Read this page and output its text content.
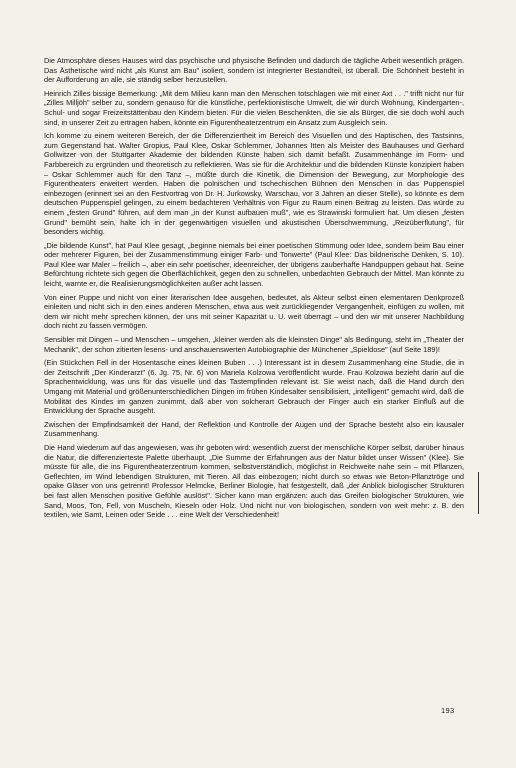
Die Atmosphäre dieses Hauses wird das psychische und physische Befinden und dadurch die tägliche Arbeit wesentlich prägen. Das Ästhetische wird nicht „als Kunst am Bau" isoliert, sondern ist integrierter Bestandteil, ist überall. Die Schönheit besteht in der Aufforderung an alle, sie ständig selber herzustellen.

Heinrich Zilles bissige Bemerkung: „Mit dem Milieu kann man den Menschen totschlagen wie mit einer Axt . . ." trifft nicht nur für „Zilles Milljöh" selber zu, sondern genauso für die künstliche, perfektionistische Umwelt, die wir durch Wohnung, Kindergarten-, Schul- und sogar Freizeitstättenbau den Kindern bieten. Für die vielen Beschenkten, die sie als Bürger, die sie doch wohl auch sind, in unserer Zeit zu ertragen haben, könnte ein Figurentheaterzentrum ein Ansatz zum Ausgleich sein.

Ich komme zu einem weiteren Bereich, der die Differenziertheit im Bereich des Visuellen und des Haptischen, des Tastsinns, zum Gegenstand hat. Walter Gropius, Paul Klee, Oskar Schlemmer, Johannes Itten als Meister des Bauhauses und Gerhard Gollwitzer von der Stuttgarter Akademie der bildenden Künste haben sich damit befaßt. Zusammenhänge im Form- und Farbbereich zu ergründen und theoretisch zu reflektieren. Was sie für die Architektur und die bildenden Künste konzipiert haben – Oskar Schlemmer auch für den Tanz –, müßte durch die Kinetik, die Dimension der Bewegung, zur Morphologie des Figurentheaters erweitert werden. Haben die polnischen und tschechischen Bühnen den Menschen in das Puppenspiel einbezogen (erinnert sei an den Festvortrag von Dr. H. Jurkowsky, Warschau, vor 3 Jahren an dieser Stelle), so könnte es dem deutschen Puppenspiel gelingen, zu einem bedachteren Verhältnis von Figur zu Raum einen Beitrag zu leisten. Das würde zu einem „festen Grund" führen, auf dem man „in der Kunst aufbauen muß", wie es Strawinski formuliert hat. Um diesen „festen Grund" bemüht sein, halte ich in der gegenwärtigen visuellen und akustischen Überschwemmung, „Reizüberflutung", für besonders wichtig.

„Die bildende Kunst", hat Paul Klee gesagt, „beginne niemals bei einer poetischen Stimmung oder Idee, sondern beim Bau einer oder mehrerer Figuren, bei der Zusammenstimmung einiger Farb- und Tonwerte" (Paul Klee: Das bildnerische Denken, S. 10). Paul Klee war Maler – freilich –, aber ein sehr poetischer, ideenreicher, der übrigens zauberhafte Handpuppen gebaut hat. Seine Befürchtung richtete sich gegen die Oberflächlichkeit, gegen den zu schnellen, unbedachten Gebrauch der Mittel. Man könnte zu leicht, warnte er, die Realisierungsmöglichkeiten außer acht lassen.

Von einer Puppe und nicht von einer literarischen Idee ausgehen, bedeutet, als Akteur selbst einen elementaren Denkprozeß einleiten und nicht sich in den eines anderen Menschen, etwa aus weit zurückliegender Vergangenheit, einfügen zu wollen, mit dem wir nicht mehr sprechen können, der uns mit seiner Kapazität u. U. weit überragt – und den wir mit unserer Nachbildung doch nicht zu fassen vermögen.

Sensibler mit Dingen – und Menschen – umgehen, „kleiner werden als die kleinsten Dinge" als Bedingung, steht im „Theater der Mechanik", der schon zitierten lesens- und anschauenswerten Autobiographie der Münchener „Spieldose" (auf Seite 189)!

(Ein Stückchen Fell in der Hosentasche eines kleinen Buben . . .) Interessant ist in diesem Zusammenhang eine Studie, die in der Zeitschrift „Der Kinderarzt" (6. Jg. 75, Nr. 6) von Mariela Kolzowa veröffentlicht wurde. Frau Kolzowa bezieht darin auf die Sprachentwicklung, was uns für das visuelle und das Tastempfinden relevant ist. Sie weist nach, daß die Hand durch den Umgang mit Material und größenunterschiedlichen Dingen im frühen Kindesalter sensibilisiert, „intelligent" gemacht wird, daß die Mobilität des Kindes im ganzen zunimmt, daß aber von solcherart Gebrauch der Finger auch ein starker Einfluß auf die Entwicklung der Sprache ausgeht.

Zwischen der Empfindsamkeit der Hand, der Reflektion und Kontrolle der Augen und der Sprache besteht also ein kausaler Zusammenhang.

Die Hand wiederum auf das angewiesen, was ihr geboten wird: wesentlich zuerst der menschliche Körper selbst, darüber hinaus die Natur, die differenzierteste Palette überhaupt. „Die Summe der Erfahrungen aus der Natur bildet unser Wissen" (Klee). Sie müsste für alle, die ins Figurentheaterzentrum kommen, selbstverständlich, möglichst in Reichweite nahe sein – mit Pflanzen, Geflechten, im Wind lebendigen Strukturen, mit Tieren. All das einbezogen; nicht durch so etwas wie Beton-Pflanztröge und opake Gläser von uns getrennt! Professor Helmcke, Berliner Biologie, hat festgestellt, daß „der Anblick biologischer Strukturen bei fast allen Menschen positive Gefühle auslöst". Sicher kann man ergänzen: auch das Greifen biologischer Strukturen, wie Sand, Moos, Ton, Fell, von Muscheln, Kieseln oder Holz. Und nicht nur von biologischen, sondern von weit mehr: z. B. den textilen, wie Samt, Leinen oder Seide . . . eine Welt der Verschiedenheit!

193
